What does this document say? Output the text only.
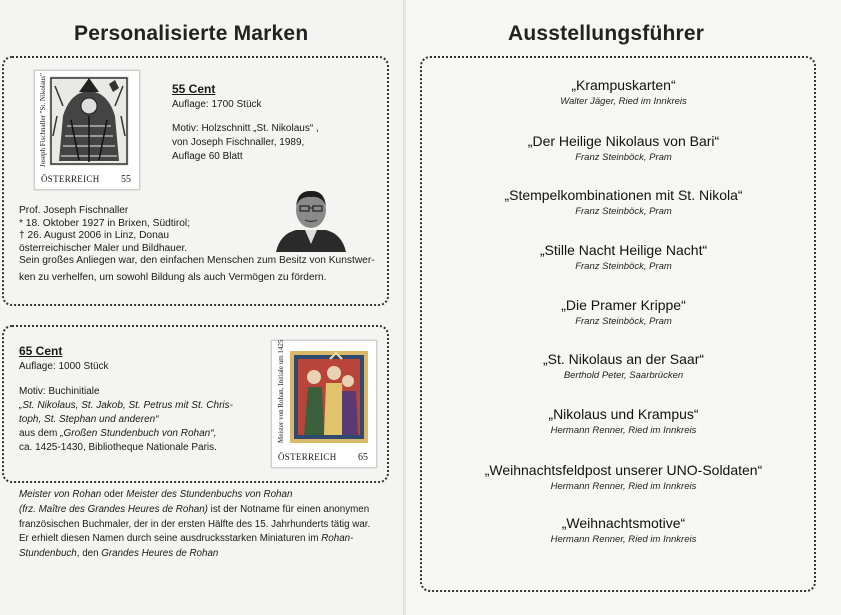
Personalisierte Marken
Joseph Fischnaller "St. Nikolaus"
ÖSTERREICH 55
55 Cent
Auflage: 1700 Stück
Motiv: Holzschnitt „St. Nikolaus“ ,
von Joseph Fischnaller, 1989,
Auflage 60 Blatt
Prof. Joseph Fischnaller
* 18. Oktober 1927 in Brixen, Südtirol;
† 26. August 2006 in Linz, Donau
österreichischer Maler und Bildhauer.
Sein großes Anliegen war, den einfachen Menschen zum Besitz von Kunstwer-
ken zu verhelfen, um sowohl Bildung als auch Vermögen zu fördern.
65 Cent
Auflage: 1000 Stück
Motiv: Buchinitiale
„St. Nikolaus, St. Jakob, St. Petrus mit St. Chris-
toph, St. Stephan und anderen“
aus dem „Großen Stundenbuch von Rohan“,
ca. 1425-1430, Bibliotheque Nationale Paris.
Meister von Rohan, Initiale um 1425
ÖSTERREICH 65
Meister von Rohan oder Meister des Stundenbuchs von Rohan
(frz. Maître des Grandes Heures de Rohan) ist der Notname für einen anonymen
französischen Buchmaler, der in der ersten Hälfte des 15. Jahrhunderts tätig war.
Er erhielt diesen Namen durch seine ausdrucksstarken Miniaturen im Rohan-
Stundenbuch, den Grandes Heures de Rohan
Ausstellungsführer
„Krampuskarten“
Walter Jäger, Ried im Innkreis
„Der Heilige Nikolaus von Bari“
Franz Steinböck, Pram
„Stempelkombinationen mit St. Nikola“
Franz Steinböck, Pram
„Stille Nacht Heilige Nacht“
Franz Steinböck, Pram
„Die Pramer Krippe“
Franz Steinböck, Pram
„St. Nikolaus an der Saar“
Berthold Peter, Saarbrücken
„Nikolaus und Krampus“
Hermann Renner, Ried im Innkreis
„Weihnachtsfeldpost unserer UNO-Soldaten“
Hermann Renner, Ried im Innkreis
„Weihnachtsmotive“
Hermann Renner, Ried im Innkreis
